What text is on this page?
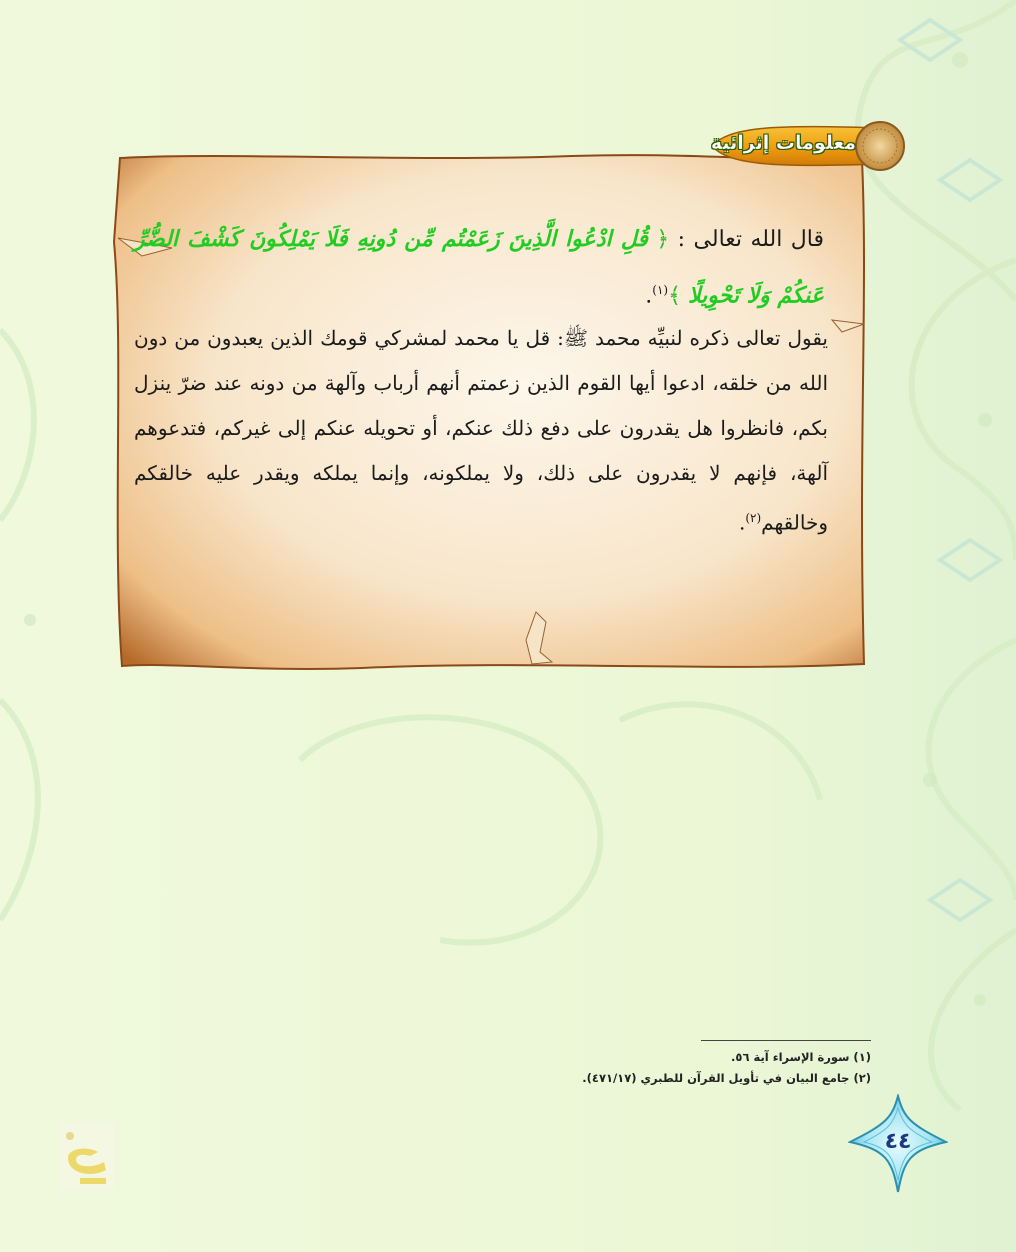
قال الله تعالى : ﴿ قُلِ ادْعُوا الَّذِينَ زَعَمْتُم مِّن دُونِهِ فَلَا يَمْلِكُونَ كَشْفَ الضُّرِّ عَنكُمْ وَلَا تَحْوِيلًا ﴾$^{(١)}$.
يقول تعالى ذكره لنبيِّه محمد ﷺ: قل يا محمد لمشركي قومك الذين يعبدون من دون الله من خلقه، ادعوا أيها القوم الذين زعمتم أنهم أرباب وآلهة من دونه عند ضرّ ينزل بكم، فانظروا هل يقدرون على دفع ذلك عنكم، أو تحويله عنكم إلى غيركم، فتدعوهم آلهة، فإنهم لا يقدرون على ذلك، ولا يملكونه، وإنما يملكه ويقدر عليه خالقكم وخالقهم$^{(٢)}$.
معلومات إثرائية
(١) سورة الإسراء آية ٥٦.
(٢) جامع البيان في تأويل القرآن للطبري (٤٧١/١٧).
٤٤
